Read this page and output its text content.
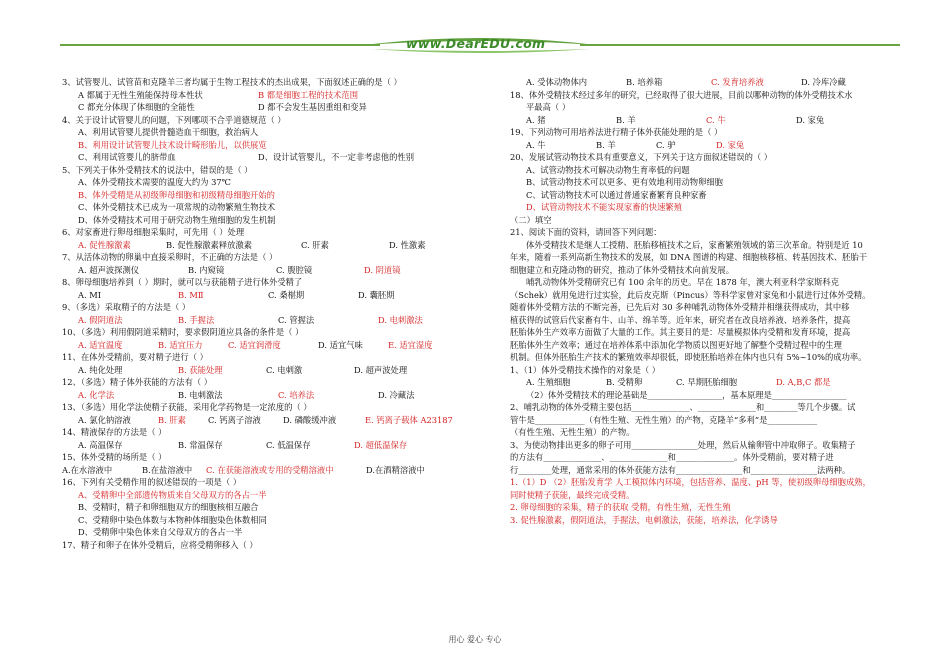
www.DearEDU.com
3、试管婴儿、试管苗和克隆羊三者均属于生物工程技术的杰出成果，下面叙述正确的是（ ）
A 都属于无性生殖能保持母本性状	B 都是细胞工程的技术范围
C 都充分体现了体细胞的全能性	D 都不会发生基因重组和变异
4、关于设计试管婴儿的问题，下列哪项不合乎道德规范（ ）
A、利用试管婴儿提供骨髓造血干细胞，救治病人
B、利用设计试管婴儿技术设计畸形胎儿，以供展览
C、利用试管婴儿的脐带血	D、设计试管婴儿，不一定非考虑他的性别
5、下列关于体外受精技术的说法中，错误的是（ ）
A、体外受精技术需要的温度大约为 37℃
B、体外受精是从初级卵母细胞和初级精母细胞开始的
C、体外受精技术已成为一项常规的动物繁殖生物技术
D、体外受精技术可用于研究动物生殖细胞的发生机制
6、对家畜进行卵母细胞采集时，可先用（ ）处理
A. 促性腺激素	B. 促性腺激素释放激素	C. 肝素	D. 性激素
7、从活体动物的卵巢中直接采卵时，不正确的方法是（ ）
A. 超声波探测仪	B. 内窥镜	C. 腹腔镜	D. 阴道镜
8、卵母细胞培养到（ ）期时，就可以与获能精子进行体外受精了
A. MⅠ	B. MⅡ	C. 桑椹期	D. 囊胚期
9、（多选）采取精子的方法是（ ）
A. 假阴道法	B. 手握法	C. 管握法	D. 电刺激法
10、（多选）利用假阴道采精时，要求假阴道应具备的条件是（ ）
A. 适宜温度	B. 适宜压力	C. 适宜润滑度	D. 适宜气味	E. 适宜湿度
11、在体外受精前，要对精子进行（ ）
A. 纯化处理	B. 获能处理	C. 电刺激	D. 超声波处理
12、（多选）精子体外获能的方法有（ ）
A. 化学法	B. 电刺激法	C. 培养法	D. 冷藏法
13、（多选）用化学法使精子获能，采用化学药物是一定浓度的（ ）
A. 氯化钠溶液	B. 肝素	C. 钙离子溶液	D. 磷酸缓冲液	E. 钙离子载体 A23187
14、精液保存的方法是（ ）
A. 高温保存	B. 常温保存	C. 低温保存	D. 超低温保存
15、体外受精的场所是（ ）
A.在水溶液中	B.在盐溶液中	C. 在获能溶液或专用的受精溶液中	D.在酒精溶液中
16、下列有关受精作用的叙述错误的一项是（ ）
A、受精卵中全部遗传物质来自父母双方的各占一半
B、受精时，精子和卵细胞双方的细胞核相互融合
C、受精卵中染色体数与本物种体细胞染色体数相同
D、受精卵中染色体来自父母双方的各占一半
17、精子和卵子在体外受精后，应将受精卵移入（ ）
A. 受体动物体内	B. 培养箱	C. 发育培养液	D. 冷库冷藏
18、体外受精技术经过多年的研究，已经取得了很大进展，目前以哪种动物的体外受精技术水
平最高（ ）
A. 猪	B. 羊	C. 牛	D. 家兔
19、下列动物可用培养法进行精子体外获能处理的是（ ）
A. 牛	B. 羊	C. 驴	D. 家兔
20、发展试管动物技术具有重要意义，下列关于这方面叙述错误的（ ）
A、试管动物技术可解决动物生育率低的问题
B、试管动物技术可以更多、更有效地利用动物卵细胞
C、试管动物技术可以通过普通家畜繁育良种家畜
D、试管动物技术不能实现家畜的快速繁殖
（二）填空
21、阅读下面的资料，请回答下列问题：
体外受精技术是继人工授精、胚胎移植技术之后，家畜繁殖领域的第三次革命。特别是近 10
年来，随着一系列高新生物技术的发展，如 DNA 图谱的构建、细胞核移植、转基因技术、胚胎干
细胞建立和克隆动物的研究，推动了体外受精技术向前发展。
哺乳动物体外受精研究已有 100 余年的历史。早在 1878 年，澳大利亚科学家斯科克
（Schek）就用兔进行过实验，此后皮克斯（Pincus）等科学家曾对家兔和小鼠进行过体外受精。
随着体外受精方法的不断完善，已先后对 30 多种哺乳动物体外受精并相继获得成功，其中移
植获得的试管后代家畜有牛、山羊、绵羊等。近年来，研究者在改良培养液、培养条件，提高
胚胎体外生产效率方面做了大量的工作。其主要目的是：尽量模拟体内受精和发育环境，提高
胚胎体外生产效率；通过在培养体系中添加化学物质以图更好地了解整个受精过程中的生理
机制。但体外胚胎生产技术的繁殖效率却很低，即使胚胎培养在体内也只有 5%~10%的成功率。
1、（1）体外受精技术操作的对象是（ ）
A. 生殖细胞	B. 受精卵	C. 早期胚胎细胞	D. A,B,C 都是
（2）体外受精技术的理论基础是__________________，基本原理是__________________
2、哺乳动物的体外受精主要包括______________、______________和________等几个步骤。试
管牛是____________（有性生殖、无性生殖）的产物，克隆羊“多利”是____________
（有性生殖、无性生殖）的产物。
3、为使动物排出更多的卵子可用________________处理，然后从输卵管中冲取卵子。收集精子
的方法有______________、______________和______________。体外受精前，要对精子进
行________处理，通常采用的体外获能方法有________________和________________法两种。
1.（1）D （2）胚胎发育学 人工模拟体内环境，包括营养、温度、pH 等，使初级卵母细胞成熟，
同时使精子获能，最终完成受精。
2. 卵母细胞的采集，精子的获取 受精，有性生殖，无性生殖
3. 促性腺激素，假阴道法，手握法，电刺激法，获能，培养法，化学诱导
用心 爱心 专心
